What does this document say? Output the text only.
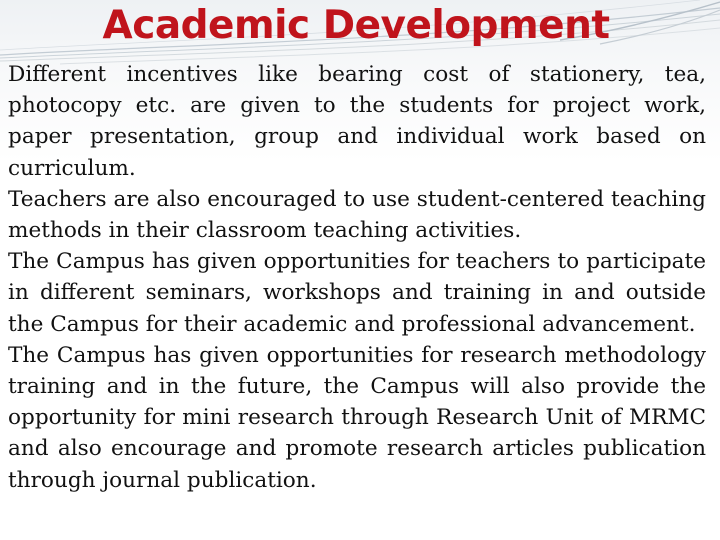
Academic Development

Different incentives like bearing cost of stationery, tea, photocopy etc. are given to the students for project work, paper presentation, group and individual work based on curriculum.

Teachers are also encouraged to use student-centered teaching methods in their classroom teaching activities.

The Campus has given opportunities for teachers to participate in different seminars, workshops and training in and outside the Campus for their academic and professional advancement.

The Campus has given opportunities for research methodology training and in the future, the Campus will also provide the opportunity for mini research through Research Unit of MRMC and also encourage and promote research articles publication through journal publication.
